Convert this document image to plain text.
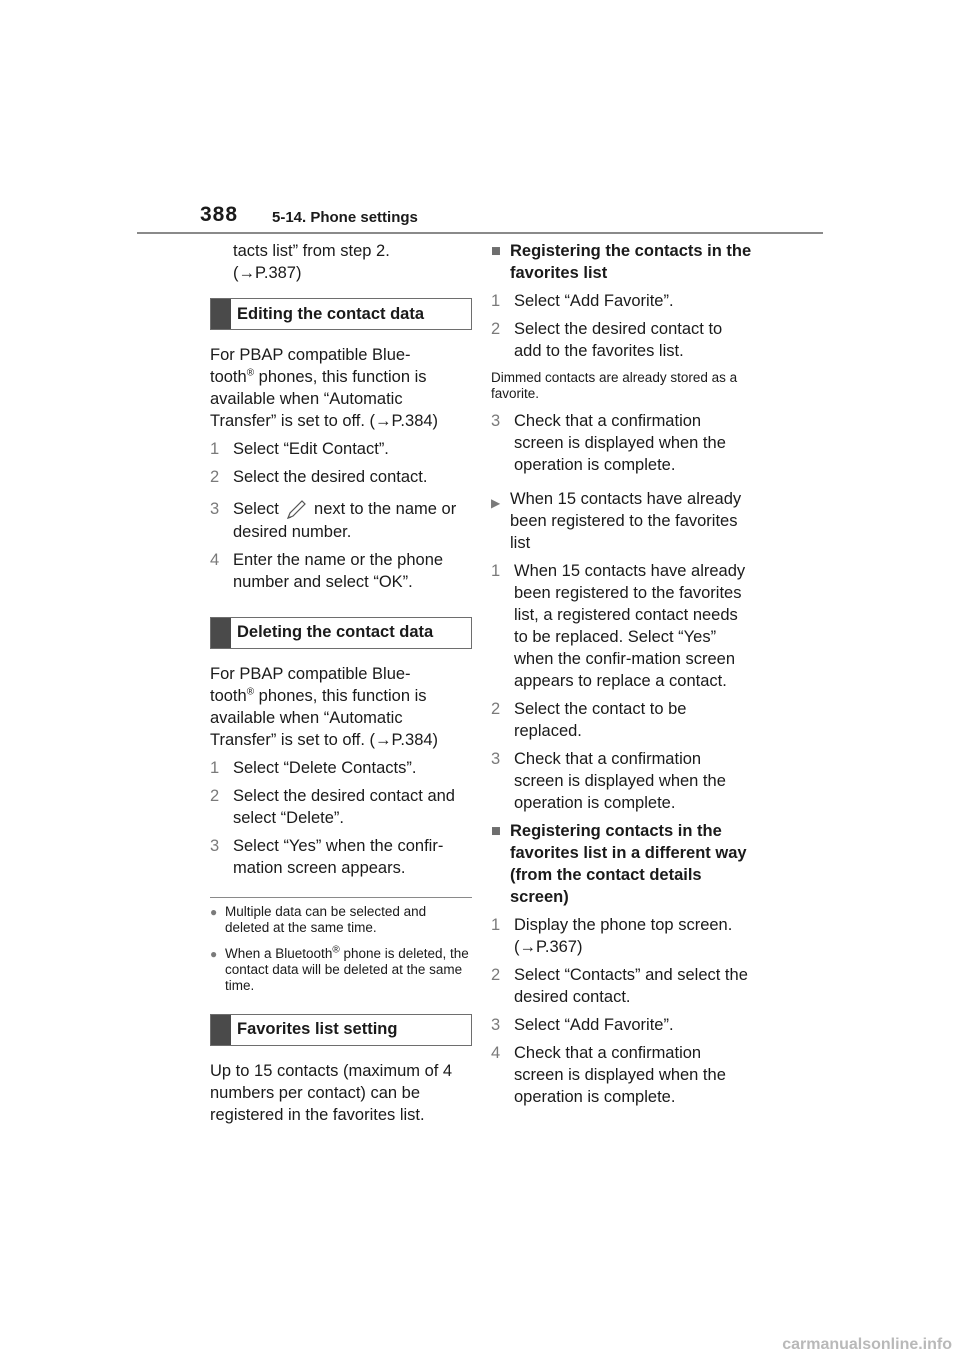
388 5-14. Phone settings
tacts list” from step 2.
(→P.387)
Editing the contact data
For PBAP compatible Blue-
tooth® phones, this function is available when “Automatic Transfer” is set to off. (→P.384)
1 Select “Edit Contact”.
2 Select the desired contact.
3 Select next to the name or desired number.
4 Enter the name or the phone number and select “OK”.
Deleting the contact data
For PBAP compatible Blue-
tooth® phones, this function is available when “Automatic Transfer” is set to off. (→P.384)
1 Select “Delete Contacts”.
2 Select the desired contact and select “Delete”.
3 Select “Yes” when the confir-mation screen appears.
● Multiple data can be selected and deleted at the same time.
● When a Bluetooth® phone is deleted, the contact data will be deleted at the same time.
Favorites list setting
Up to 15 contacts (maximum of 4 numbers per contact) can be registered in the favorites list.
■ Registering the contacts in the favorites list
1 Select “Add Favorite”.
2 Select the desired contact to add to the favorites list.
Dimmed contacts are already stored as a favorite.
3 Check that a confirmation screen is displayed when the operation is complete.
▶ When 15 contacts have already been registered to the favorites list
1 When 15 contacts have already been registered to the favorites list, a registered contact needs to be replaced. Select “Yes” when the confir-mation screen appears to replace a contact.
2 Select the contact to be replaced.
3 Check that a confirmation screen is displayed when the operation is complete.
■ Registering contacts in the favorites list in a different way (from the contact details screen)
1 Display the phone top screen. (→P.367)
2 Select “Contacts” and select the desired contact.
3 Select “Add Favorite”.
4 Check that a confirmation screen is displayed when the operation is complete.
carmanualsonline.info
